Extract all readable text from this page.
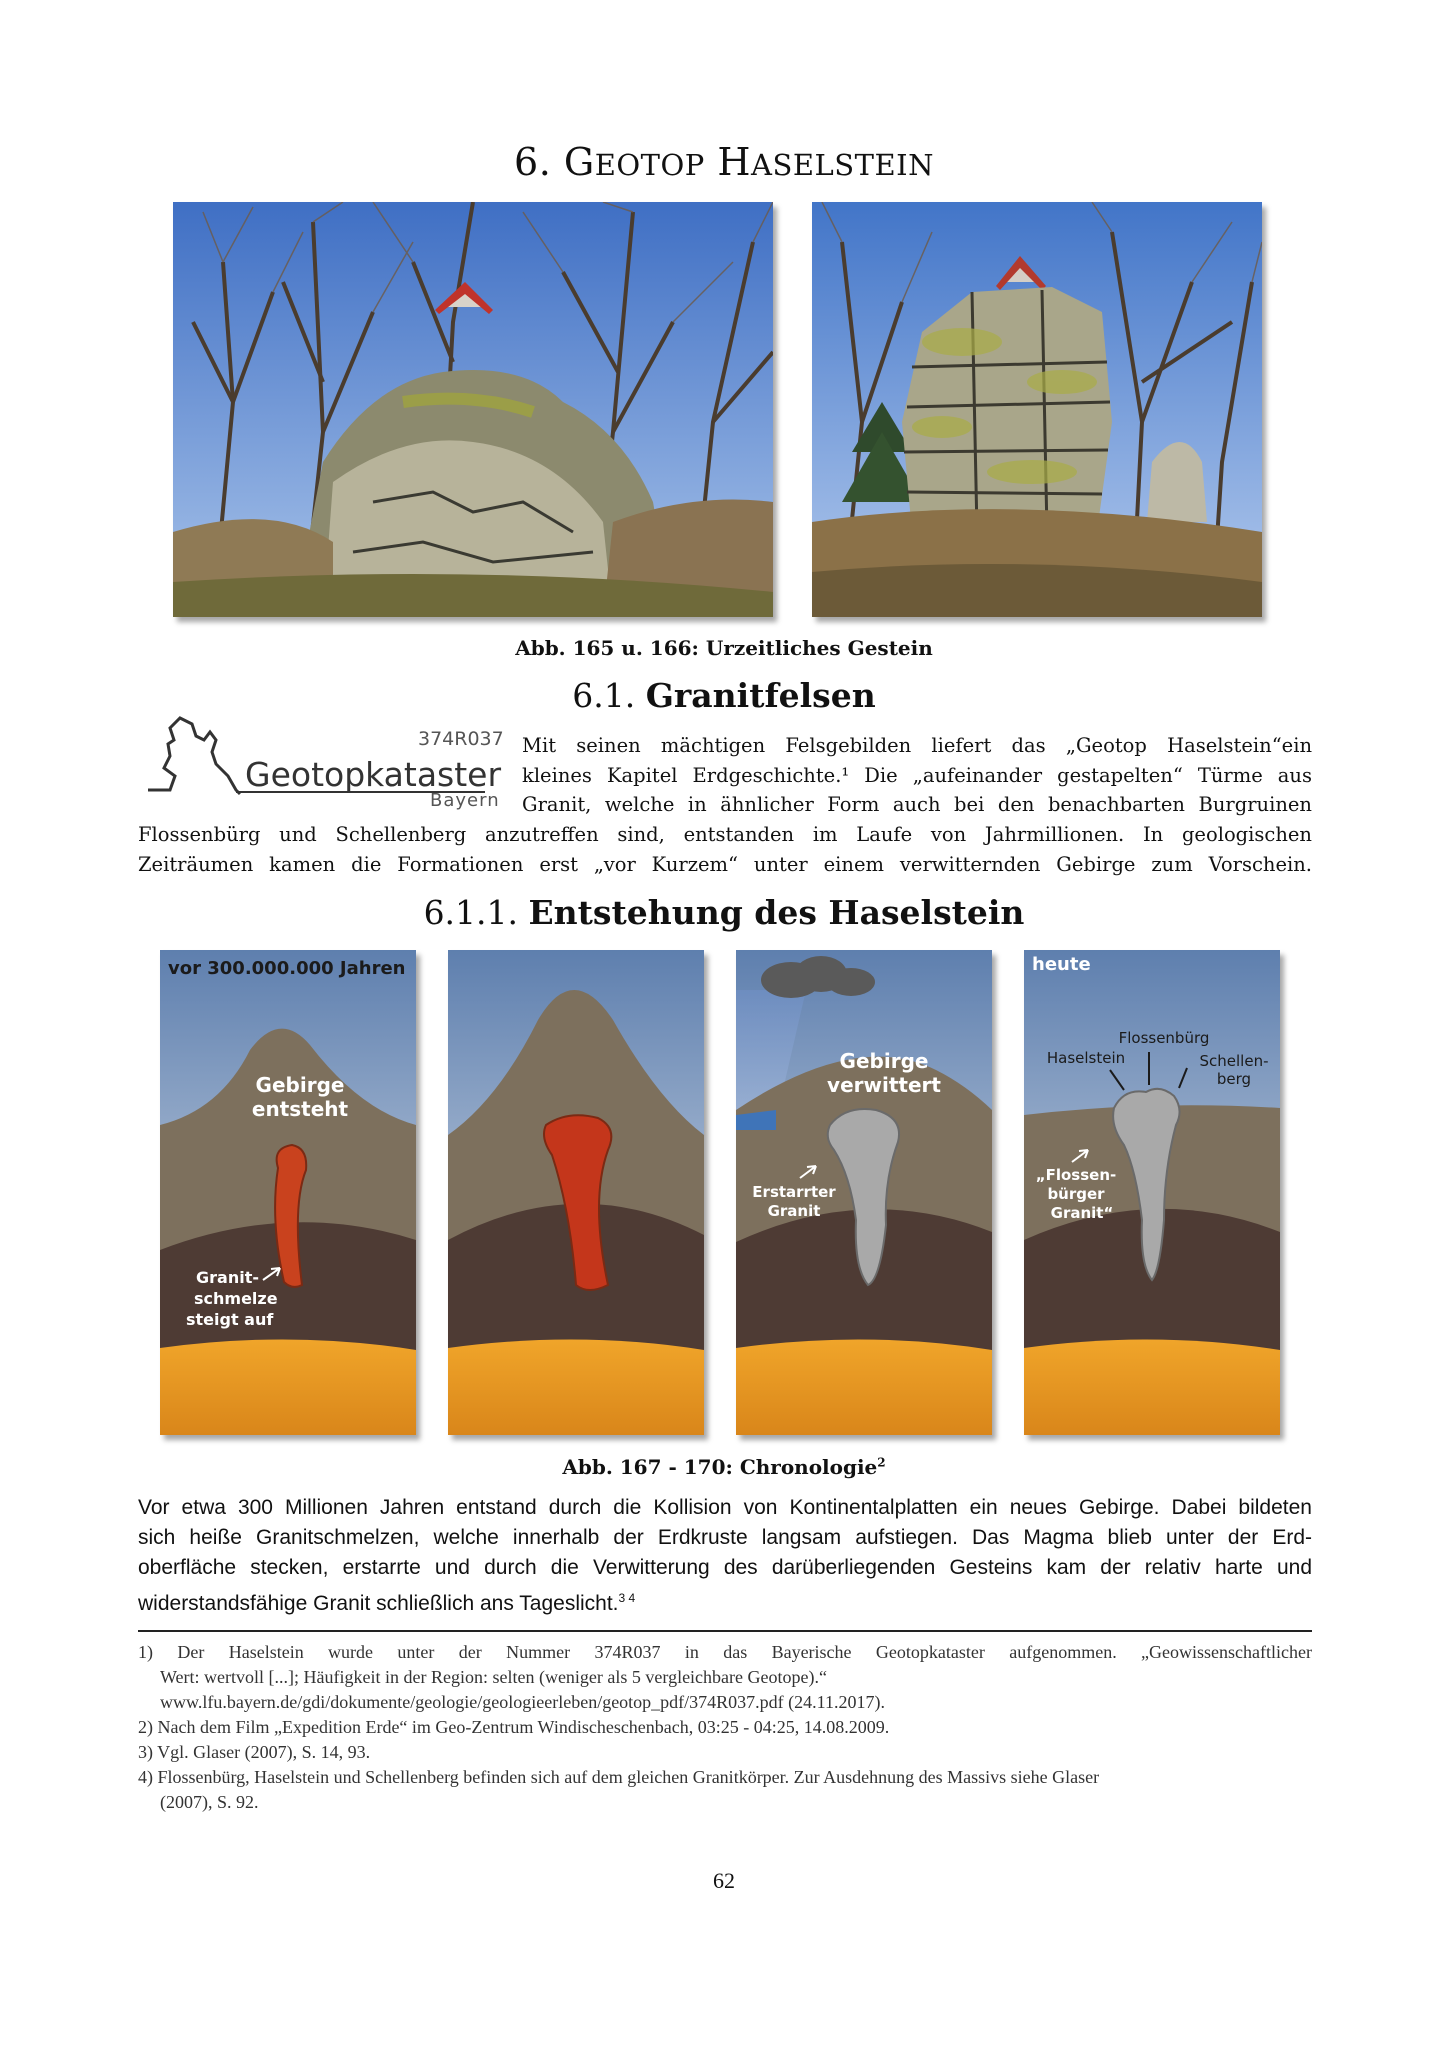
6. GEOTOP HASELSTEIN
Abb. 165 u. 166: Urzeitliches Gestein
6.1. Granitfelsen
374R037
Geotopkataster
Bayern
Mit seinen mächtigen Felsgebilden liefert das „Geotop Haselstein“ein
kleines Kapitel Erdgeschichte.¹ Die „aufeinander gestapelten“ Türme aus
Granit, welche in ähnlicher Form auch bei den benachbarten Burgruinen
Flossenbürg und Schellenberg anzutreffen sind, entstanden im Laufe von Jahrmillionen. In geologischen
Zeiträumen kamen die Formationen erst „vor Kurzem“ unter einem verwitternden Gebirge zum Vorschein.
6.1.1. Entstehung des Haselstein
vor 300.000.000 Jahren
Gebirge
entsteht
Granit-
schmelze
steigt auf
Gebirge
verwittert
Erstarrter
Granit
heute
Flossenbürg
Haselstein	Schellen-
berg
„Flossen-
bürger
Granit“
Abb. 167 - 170: Chronologie$^2$
Vor etwa 300 Millionen Jahren entstand durch die Kollision von Kontinentalplatten ein neues Gebirge. Dabei bildeten
sich heiße Granitschmelzen, welche innerhalb der Erdkruste langsam aufstiegen. Das Magma blieb unter der Erd-
oberfläche stecken, erstarrte und durch die Verwitterung des darüberliegenden Gesteins kam der relativ harte und
widerstandsfähige Granit schließlich ans Tageslicht.$^{3 4}$
1) Der Haselstein wurde unter der Nummer 374R037 in das Bayerische Geotopkataster aufgenommen. „Geowissenschaftlicher
Wert: wertvoll [...]; Häufigkeit in der Region: selten (weniger als 5 vergleichbare Geotope).“
www.lfu.bayern.de/gdi/dokumente/geologie/geologieerleben/geotop_pdf/374R037.pdf (24.11.2017).
2) Nach dem Film „Expedition Erde“ im Geo-Zentrum Windischeschenbach, 03:25 - 04:25, 14.08.2009.
3) Vgl. Glaser (2007), S. 14, 93.
4) Flossenbürg, Haselstein und Schellenberg befinden sich auf dem gleichen Granitkörper. Zur Ausdehnung des Massivs siehe Glaser
(2007), S. 92.
62
